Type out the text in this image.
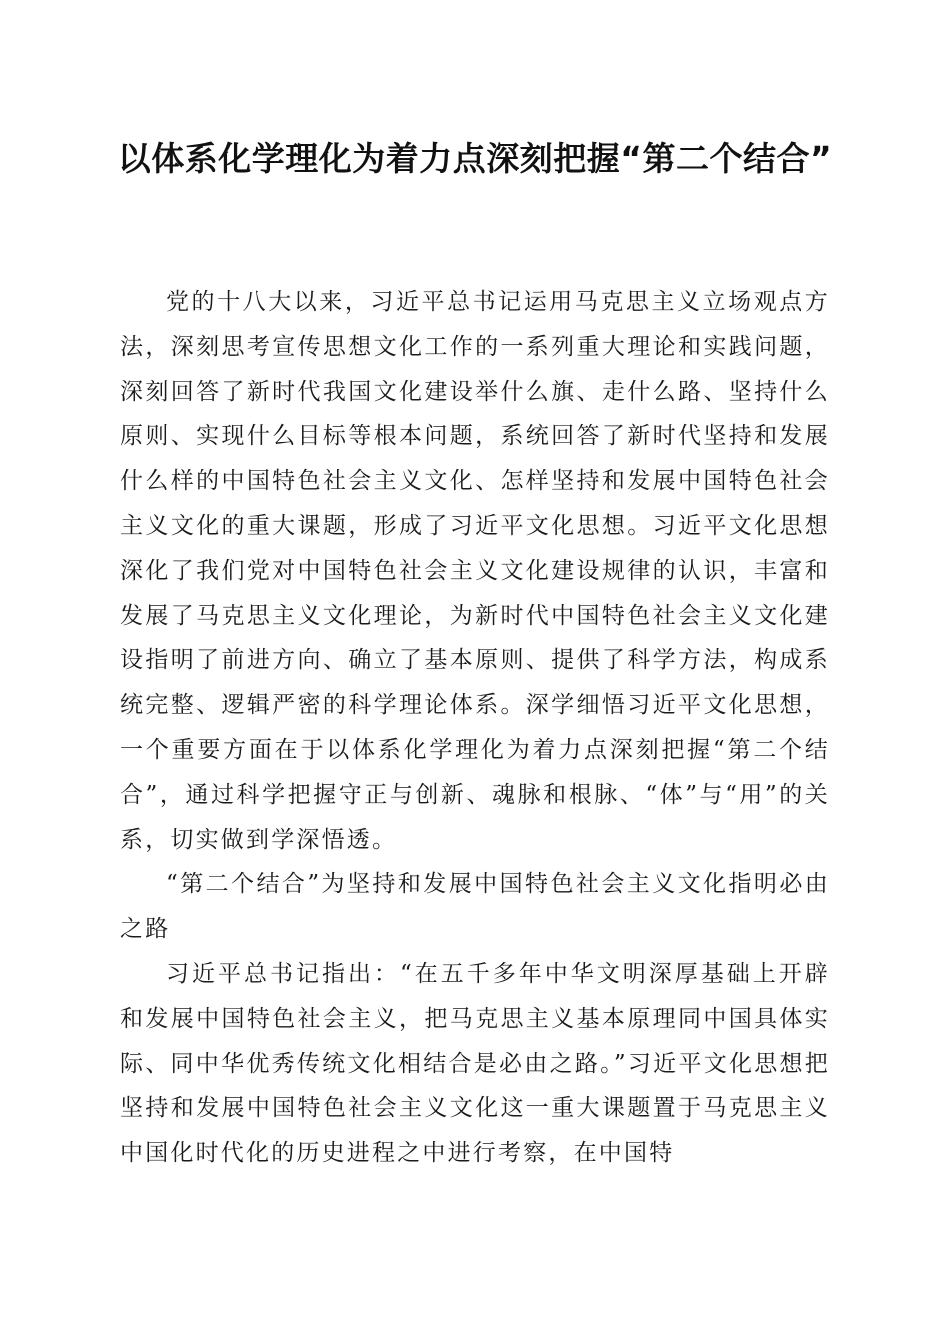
以体系化学理化为着力点深刻把握“第二个结合”

党的十八大以来，习近平总书记运用马克思主义立场观点方法，深刻思考宣传思想文化工作的一系列重大理论和实践问题，深刻回答了新时代我国文化建设举什么旗、走什么路、坚持什么原则、实现什么目标等根本问题，系统回答了新时代坚持和发展什么样的中国特色社会主义文化、怎样坚持和发展中国特色社会主义文化的重大课题，形成了习近平文化思想。习近平文化思想深化了我们党对中国特色社会主义文化建设规律的认识，丰富和发展了马克思主义文化理论，为新时代中国特色社会主义文化建设指明了前进方向、确立了基本原则、提供了科学方法，构成系统完整、逻辑严密的科学理论体系。深学细悟习近平文化思想，一个重要方面在于以体系化学理化为着力点深刻把握“第二个结合”，通过科学把握守正与创新、魂脉和根脉、“体”与“用”的关系，切实做到学深悟透。

“第二个结合”为坚持和发展中国特色社会主义文化指明必由之路

习近平总书记指出：“在五千多年中华文明深厚基础上开辟和发展中国特色社会主义，把马克思主义基本原理同中国具体实际、同中华优秀传统文化相结合是必由之路。”习近平文化思想把坚持和发展中国特色社会主义文化这一重大课题置于马克思主义中国化时代化的历史进程之中进行考察，在中国特
